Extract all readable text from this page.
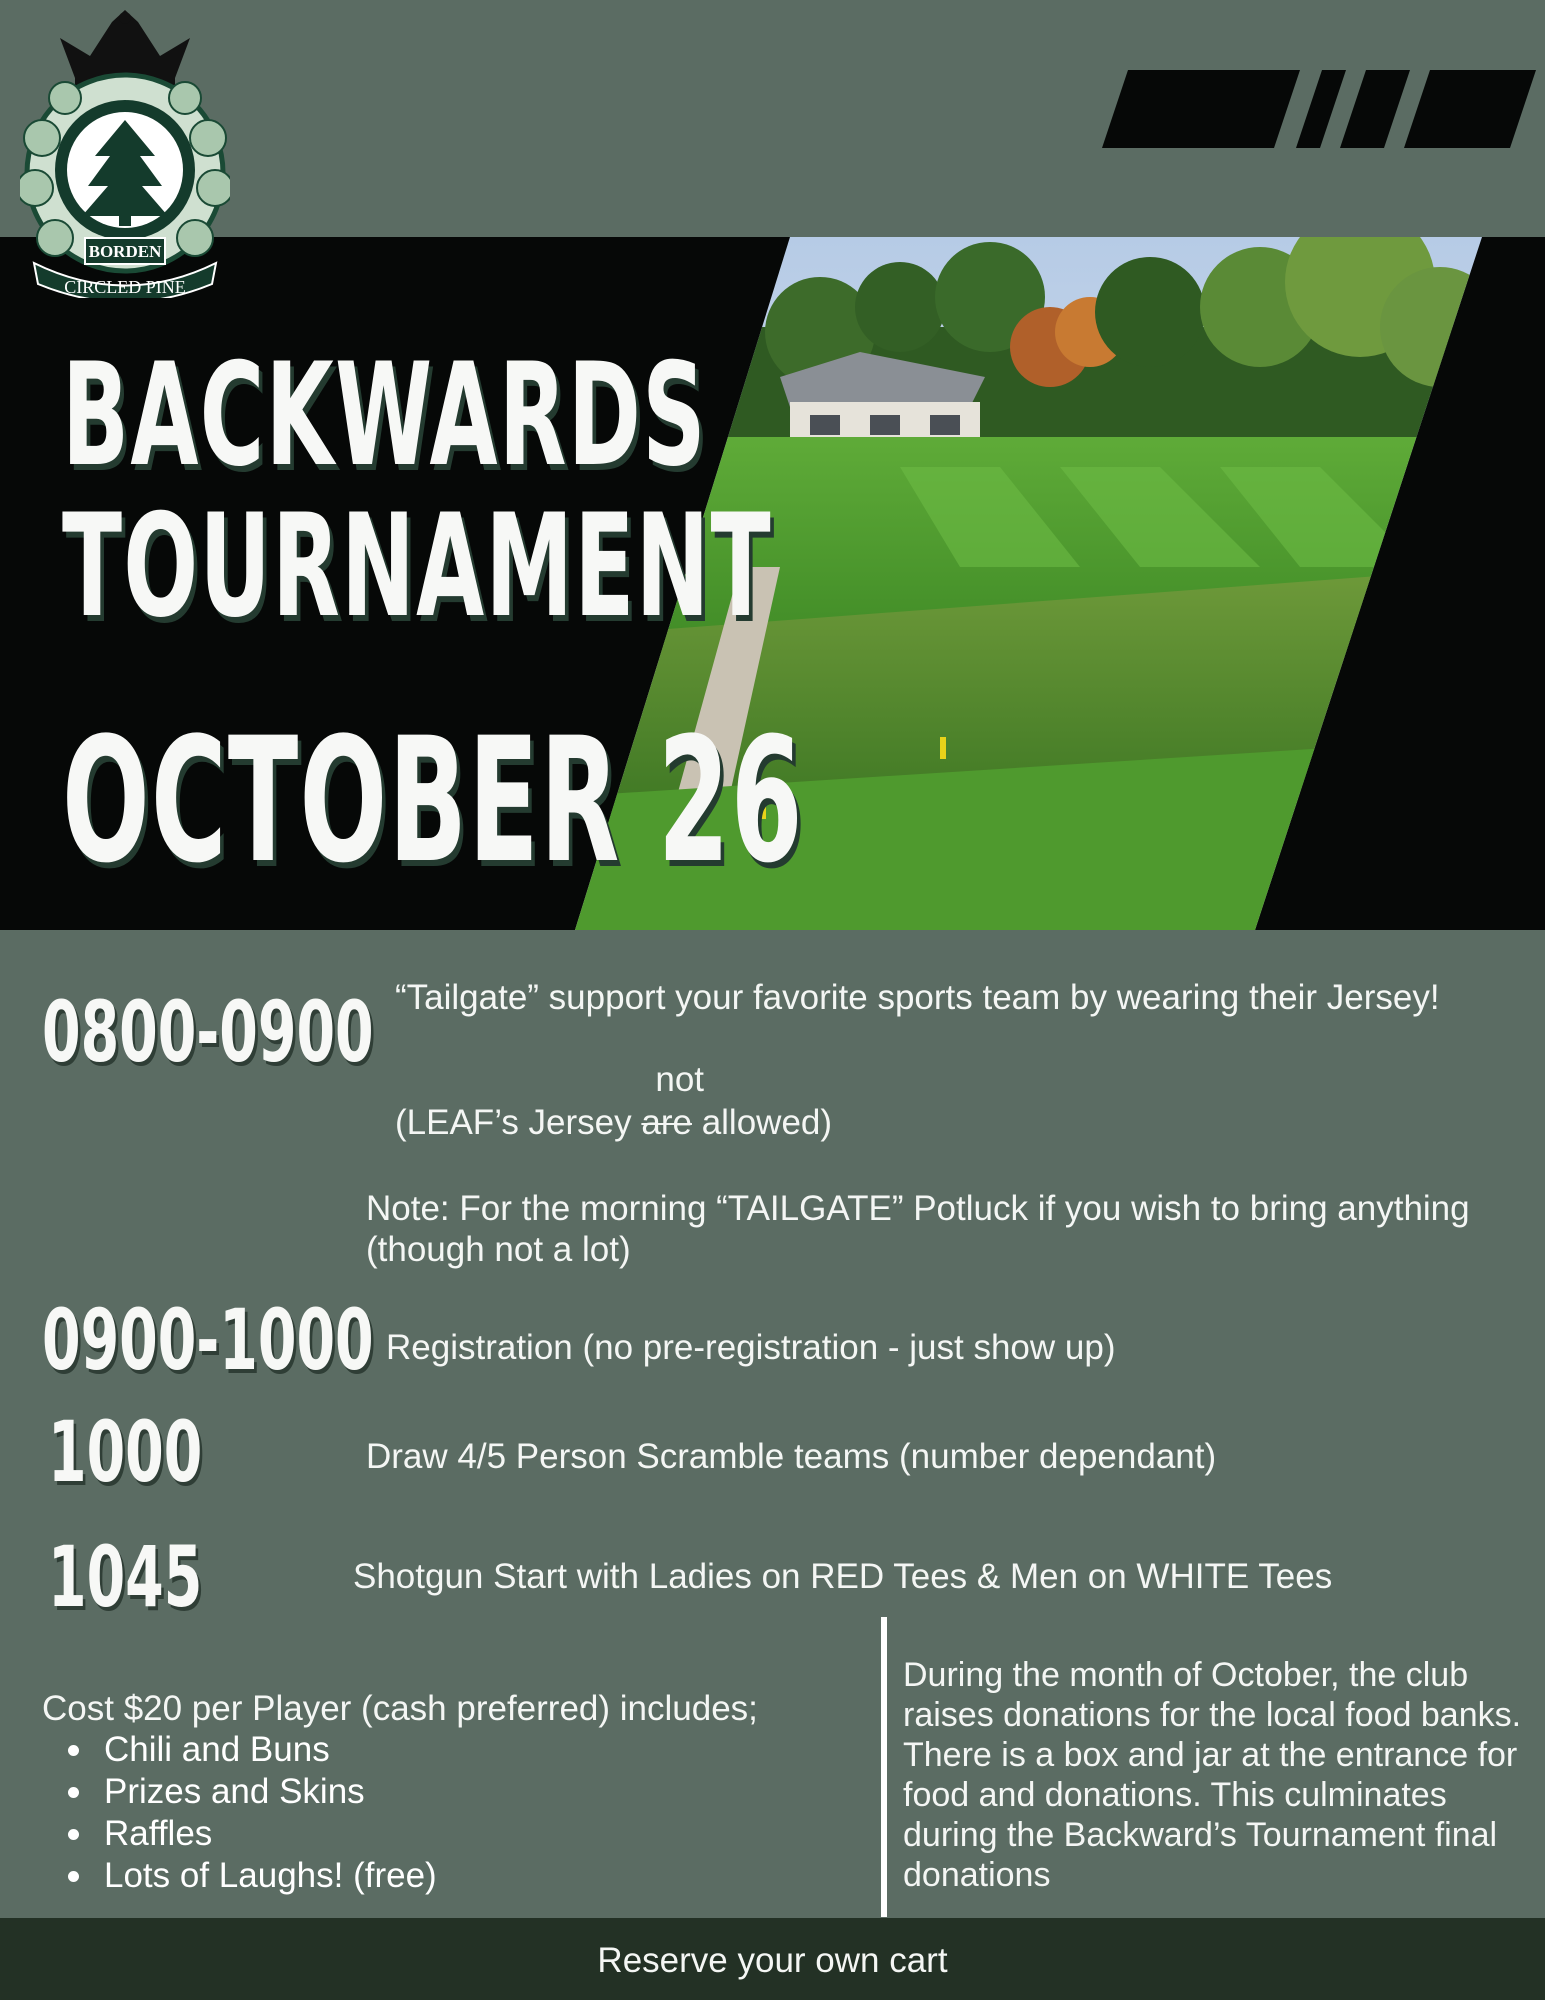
BORDEN
CIRCLED PINE
BACKWARDS
TOURNAMENT
OCTOBER 26
0800-0900 “Tailgate” support your favorite sports team by wearing their Jersey!
(LEAF’s Jersey are
not
allowed)
Note: For the morning “TAILGATE” Potluck if you wish to bring anything (though not a lot)
0900-1000 Registration (no pre-registration - just show up)
1000	Draw 4/5 Person Scramble teams (number dependant)
1045	Shotgun Start with Ladies on RED Tees & Men on WHITE Tees
Cost $20 per Player (cash preferred) includes;
Chili and Buns
Prizes and Skins
Raffles
Lots of Laughs! (free)
During the month of October, the club raises donations for the local food banks. There is a box and jar at the entrance for food and donations. This culminates during the Backward’s Tournament final donations
Reserve your own cart
